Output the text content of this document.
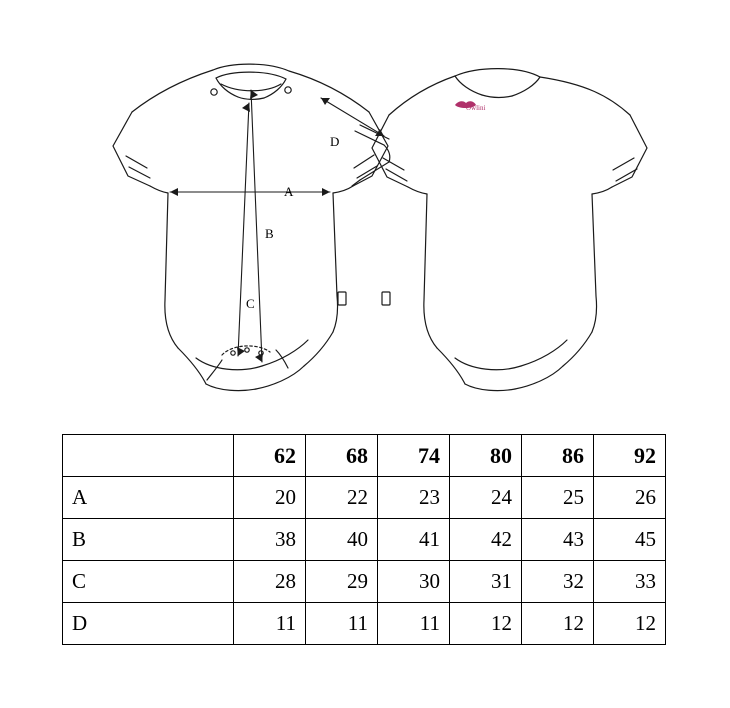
A
B
C
D
Owlini
	62	68	74	80	86	92
A	20	22	23	24	25	26
B	38	40	41	42	43	45
C	28	29	30	31	32	33
D	11	11	11	12	12	12
